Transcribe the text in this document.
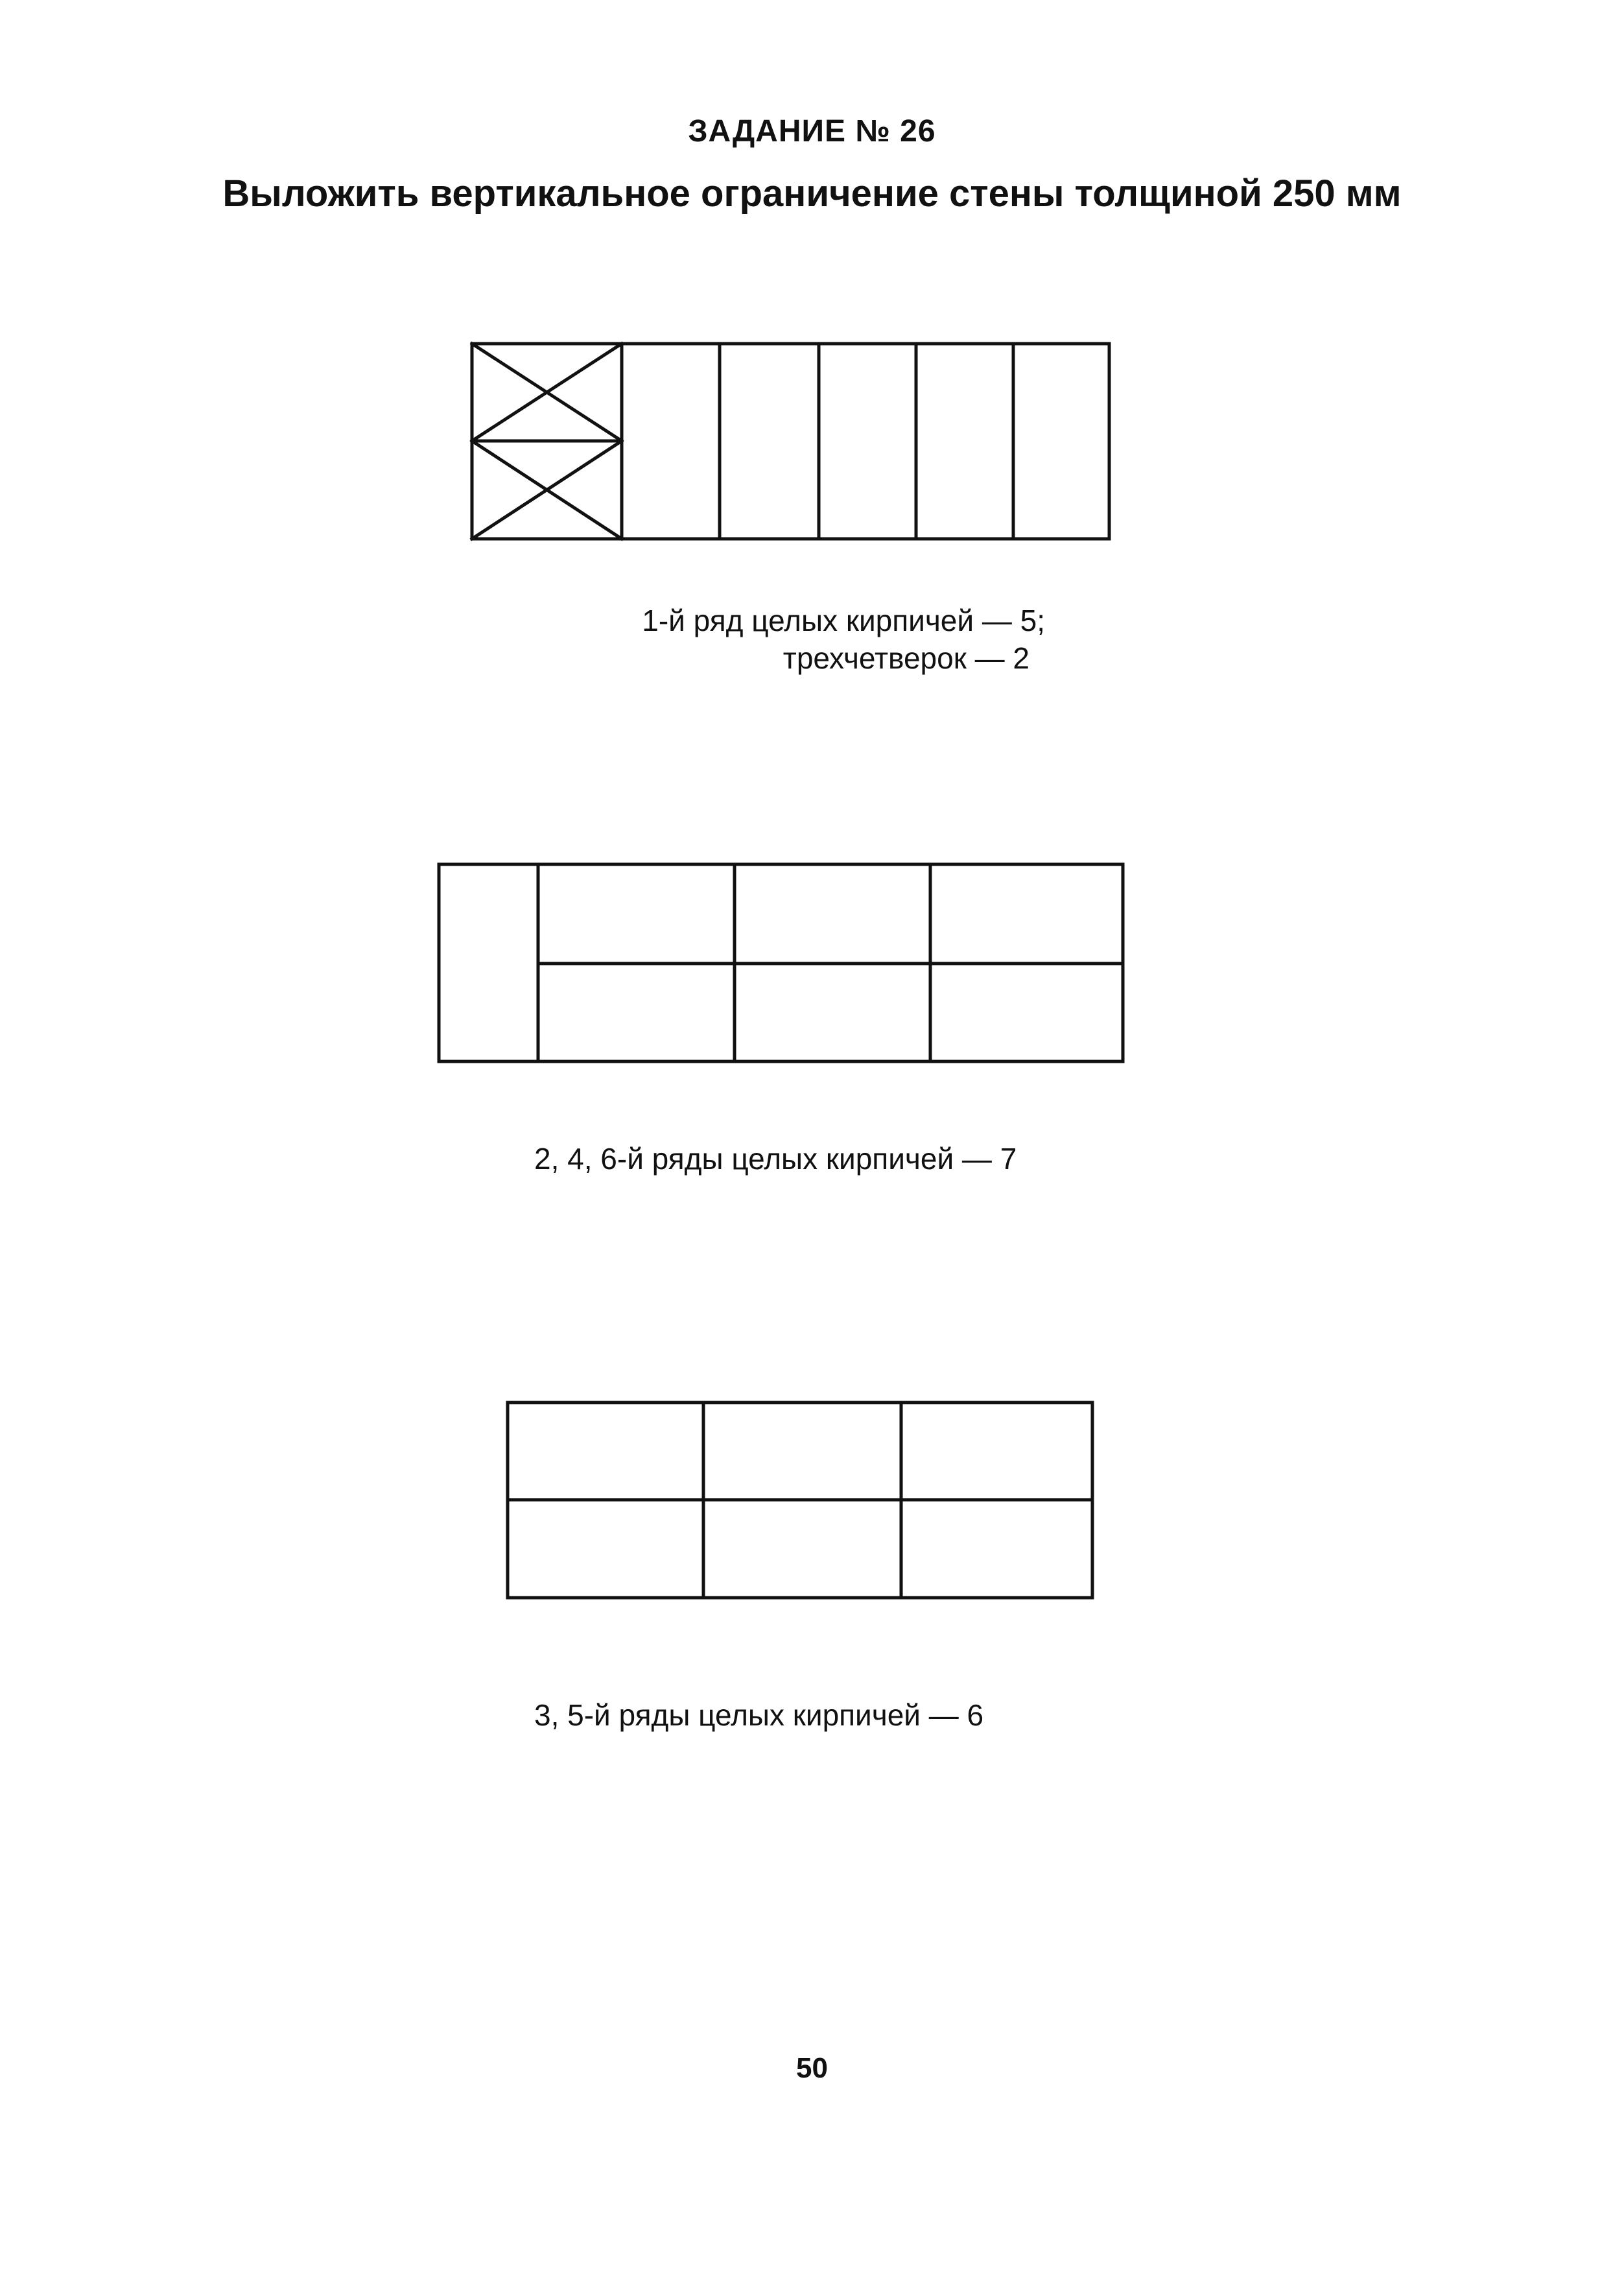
ЗАДАНИЕ № 26
Выложить вертикальное ограничение стены толщиной 250 мм

1-й ряд целых кирпичей — 5;

трехчетверок — 2

2, 4, 6-й ряды целых кирпичей — 7

3, 5-й ряды целых кирпичей — 6

50
